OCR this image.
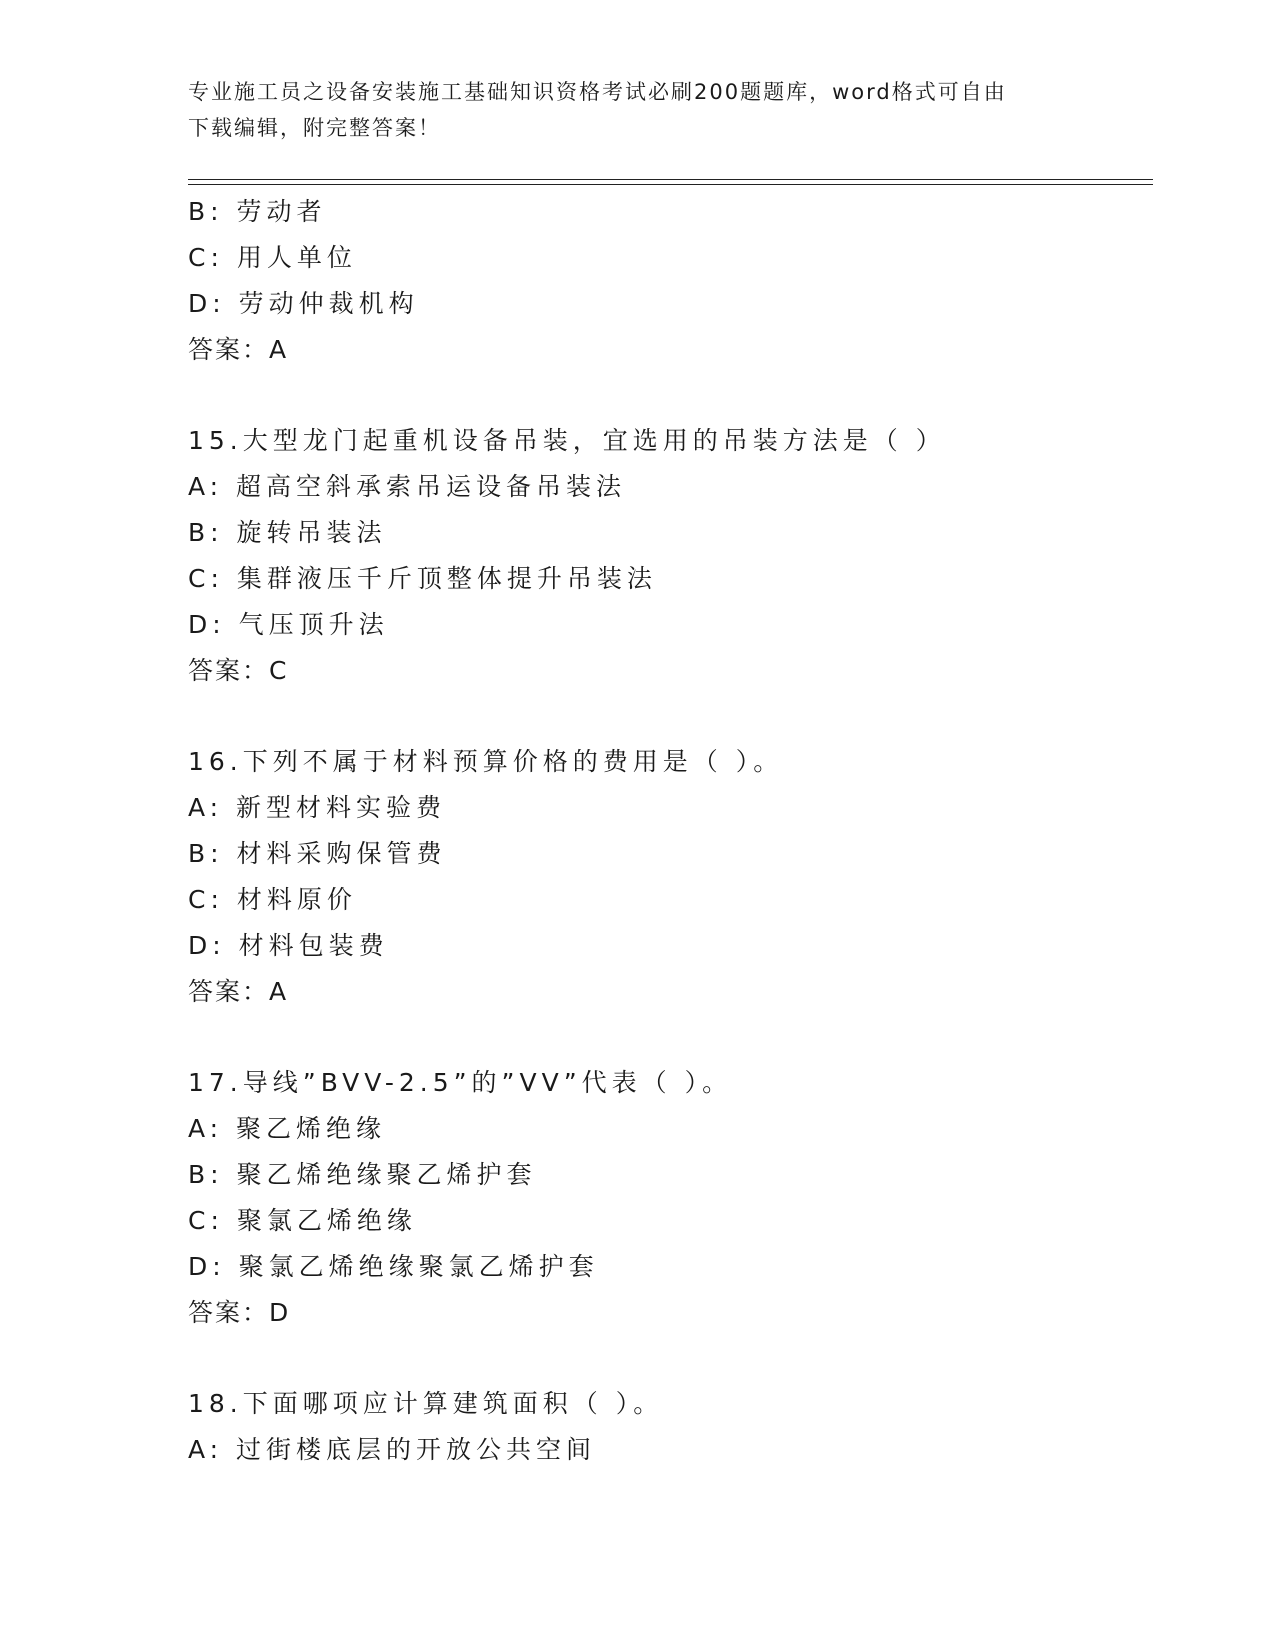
专业施工员之设备安装施工基础知识资格考试必刷200题题库，word格式可自由
下载编辑，附完整答案！
B: 劳动者
C: 用人单位
D: 劳动仲裁机构
答案：A
15.大型龙门起重机设备吊装，宜选用的吊装方法是（ ）
A: 超高空斜承索吊运设备吊装法
B: 旋转吊装法
C: 集群液压千斤顶整体提升吊装法
D: 气压顶升法
答案：C
16.下列不属于材料预算价格的费用是（ ）。
A: 新型材料实验费
B: 材料采购保管费
C: 材料原价
D: 材料包装费
答案：A
17.导线”BVV-2.5”的”VV”代表（ ）。
A: 聚乙烯绝缘
B: 聚乙烯绝缘聚乙烯护套
C: 聚氯乙烯绝缘
D: 聚氯乙烯绝缘聚氯乙烯护套
答案：D
18.下面哪项应计算建筑面积（ ）。
A: 过街楼底层的开放公共空间
